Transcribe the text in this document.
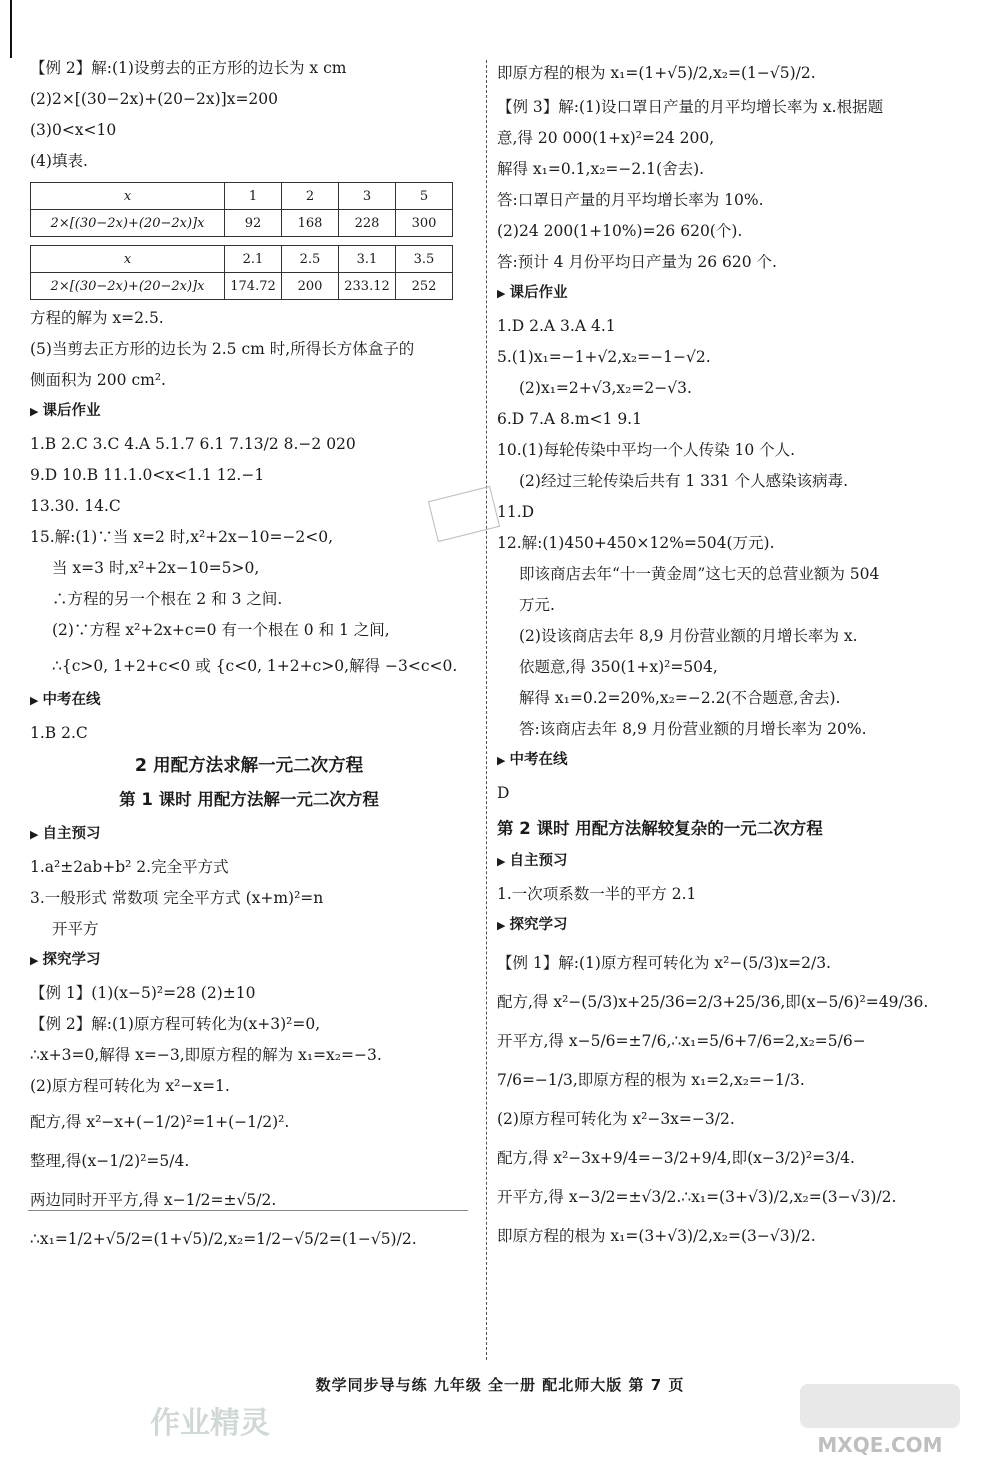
【例 2】解:(1)设剪去的正方形的边长为 x cm
(2)2×[(30−2x)+(20−2x)]x=200
(3)0<x<10
(4)填表.
x	1	2	3	5
2×[(30−2x)+(20−2x)]x	92	168	228	300
x	2.1	2.5	3.1	3.5
2×[(30−2x)+(20−2x)]x	174.72	200	233.12	252
方程的解为 x=2.5.
(5)当剪去正方形的边长为 2.5 cm 时,所得长方体盒子的
侧面积为 200 cm².
▶ 课后作业
1.B 2.C 3.C 4.A 5.1.7 6.1 7.13/2 8.−2 020
9.D 10.B 11.1.0<x<1.1 12.−1
13.30. 14.C
15.解:(1)∵当 x=2 时,x²+2x−10=−2<0,
当 x=3 时,x²+2x−10=5>0,
∴方程的另一个根在 2 和 3 之间.
(2)∵方程 x²+2x+c=0 有一个根在 0 和 1 之间,
∴{c>0, 1+2+c<0 或 {c<0, 1+2+c>0,解得 −3<c<0.
▶ 中考在线
1.B 2.C
2 用配方法求解一元二次方程
第 1 课时 用配方法解一元二次方程
▶ 自主预习
1.a²±2ab+b² 2.完全平方式
3.一般形式 常数项 完全平方式 (x+m)²=n
开平方
▶ 探究学习
【例 1】(1)(x−5)²=28 (2)±10
【例 2】解:(1)原方程可转化为(x+3)²=0,
∴x+3=0,解得 x=−3,即原方程的解为 x₁=x₂=−3.
(2)原方程可转化为 x²−x=1.
配方,得 x²−x+(−1/2)²=1+(−1/2)².
整理,得(x−1/2)²=5/4.
两边同时开平方,得 x−1/2=±√5/2.
∴x₁=1/2+√5/2=(1+√5)/2,x₂=1/2−√5/2=(1−√5)/2.
即原方程的根为 x₁=(1+√5)/2,x₂=(1−√5)/2.
【例 3】解:(1)设口罩日产量的月平均增长率为 x.根据题
意,得 20 000(1+x)²=24 200,
解得 x₁=0.1,x₂=−2.1(舍去).
答:口罩日产量的月平均增长率为 10%.
(2)24 200(1+10%)=26 620(个).
答:预计 4 月份平均日产量为 26 620 个.
▶ 课后作业
1.D 2.A 3.A 4.1
5.(1)x₁=−1+√2,x₂=−1−√2.
(2)x₁=2+√3,x₂=2−√3.
6.D 7.A 8.m<1 9.1
10.(1)每轮传染中平均一个人传染 10 个人.
(2)经过三轮传染后共有 1 331 个人感染该病毒.
11.D
12.解:(1)450+450×12%=504(万元).
即该商店去年“十一黄金周”这七天的总营业额为 504
万元.
(2)设该商店去年 8,9 月份营业额的月增长率为 x.
依题意,得 350(1+x)²=504,
解得 x₁=0.2=20%,x₂=−2.2(不合题意,舍去).
答:该商店去年 8,9 月份营业额的月增长率为 20%.
▶ 中考在线
D
第 2 课时 用配方法解较复杂的一元二次方程
▶ 自主预习
1.一次项系数一半的平方 2.1
▶ 探究学习
【例 1】解:(1)原方程可转化为 x²−(5/3)x=2/3.
配方,得 x²−(5/3)x+25/36=2/3+25/36,即(x−5/6)²=49/36.
开平方,得 x−5/6=±7/6,∴x₁=5/6+7/6=2,x₂=5/6−
7/6=−1/3,即原方程的根为 x₁=2,x₂=−1/3.
(2)原方程可转化为 x²−3x=−3/2.
配方,得 x²−3x+9/4=−3/2+9/4,即(x−3/2)²=3/4.
开平方,得 x−3/2=±√3/2.∴x₁=(3+√3)/2,x₂=(3−√3)/2.
即原方程的根为 x₁=(3+√3)/2,x₂=(3−√3)/2.
数学同步导与练 九年级 全一册 配北师大版 第 7 页
作业精灵
MXQE.COM
